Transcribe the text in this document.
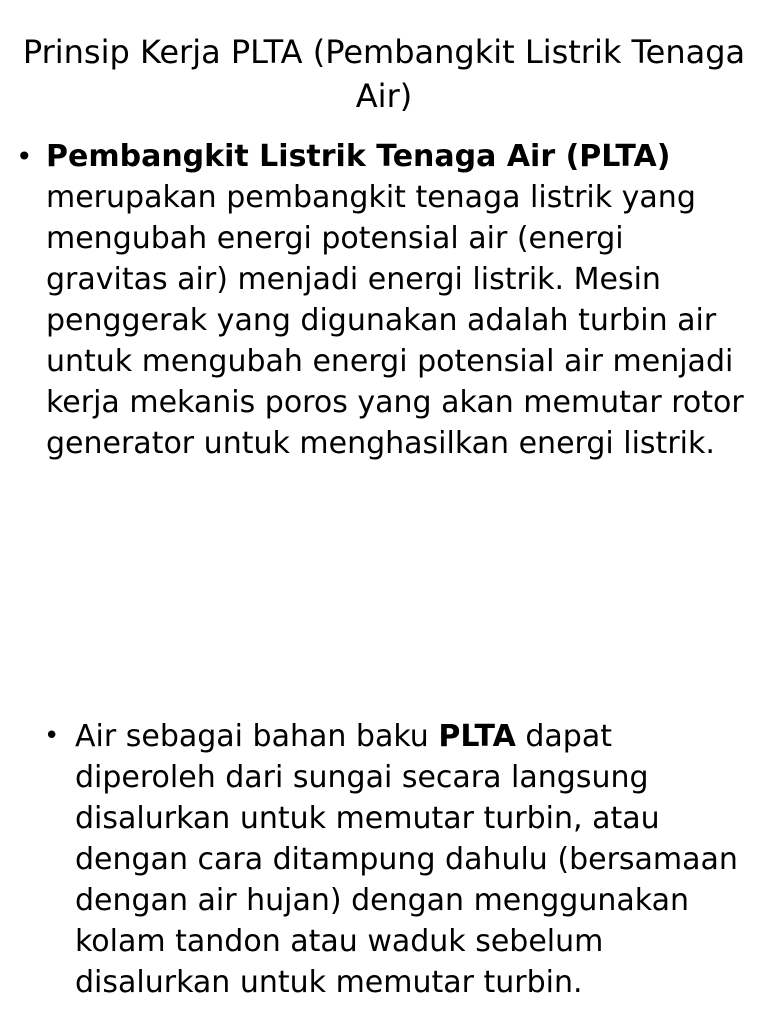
Prinsip Kerja PLTA (Pembangkit Listrik Tenaga Air)
• Pembangkit Listrik Tenaga Air (PLTA) merupakan pembangkit tenaga listrik yang mengubah energi potensial air (energi gravitas air) menjadi energi listrik. Mesin penggerak yang digunakan adalah turbin air untuk mengubah energi potensial air menjadi kerja mekanis poros yang akan memutar rotor generator untuk menghasilkan energi listrik.

• Air sebagai bahan baku PLTA dapat diperoleh dari sungai secara langsung disalurkan untuk memutar turbin, atau dengan cara ditampung dahulu (bersamaan dengan air hujan) dengan menggunakan kolam tandon atau waduk sebelum disalurkan untuk memutar turbin.
